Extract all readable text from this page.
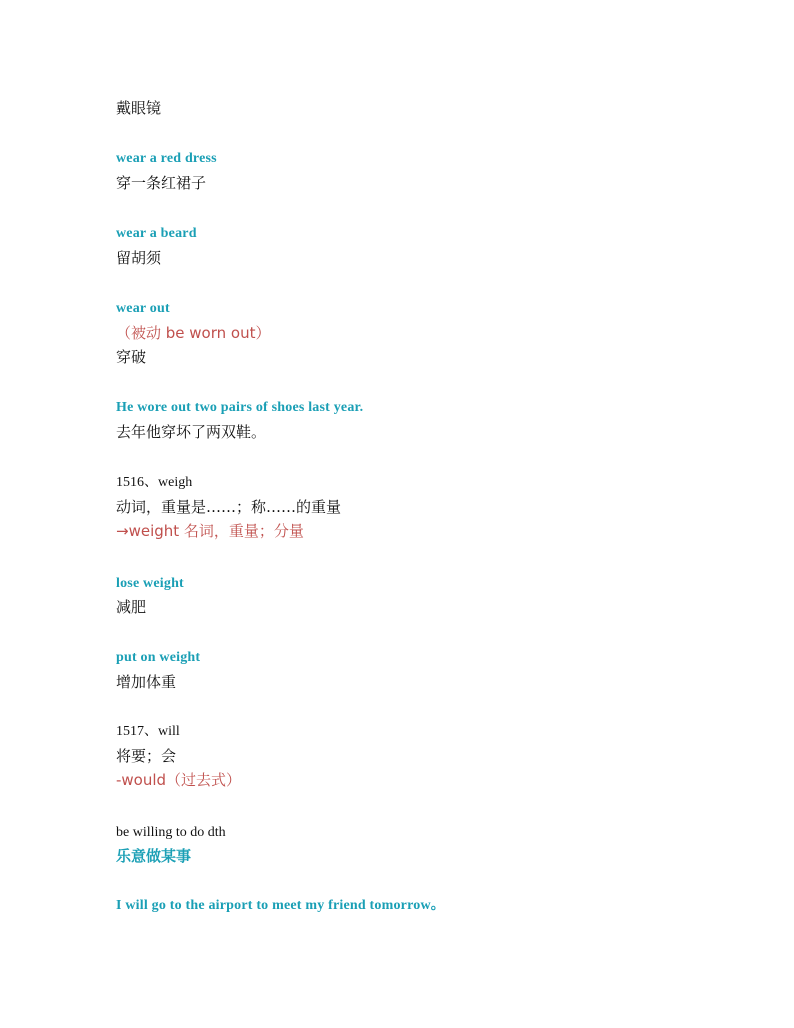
戴眼镜
wear a red dress
穿一条红裙子
wear a beard
留胡须
wear out
（被动 be worn out）
穿破
He wore out two pairs of shoes last year.
去年他穿坏了两双鞋。
1516、weigh
动词，重量是……；称……的重量
→weight 名词，重量；分量
lose weight
减肥
put on weight
增加体重
1517、will
将要；会
-would（过去式）
be willing to do dth
乐意做某事
I will go to the airport to meet my friend tomorrow。
